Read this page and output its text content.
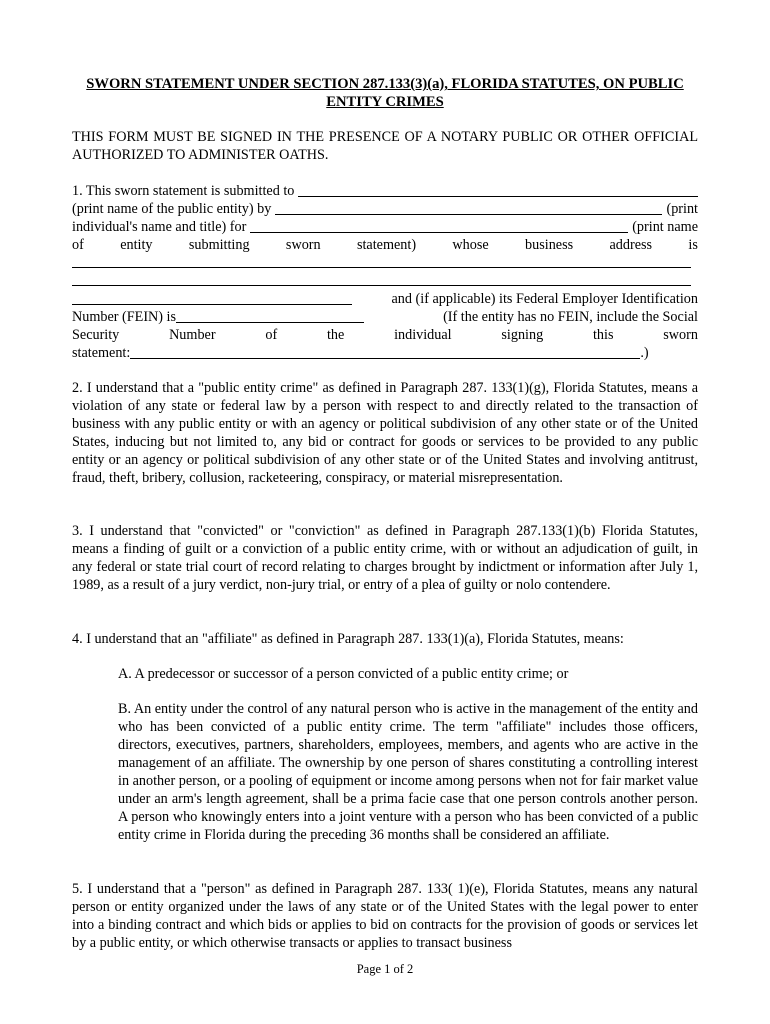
SWORN STATEMENT UNDER SECTION 287.133(3)(a), FLORIDA STATUTES, ON PUBLIC
ENTITY CRIMES
THIS FORM MUST BE SIGNED IN THE PRESENCE OF A NOTARY PUBLIC OR OTHER OFFICIAL AUTHORIZED TO ADMINISTER OATHS.
1. This sworn statement is submitted to
(print name of the public entity) by	(print
individual's name and title) for	(print name
of	entity	submitting	sworn	statement)	whose	business	address	is
and (if applicable) its Federal Employer Identification
Number (FEIN) is	(If the entity has no FEIN, include the Social
Security	Number	of	the	individual	signing	this	sworn
statement:	.)
2. I understand that a "public entity crime" as defined in Paragraph 287. 133(1)(g), Florida Statutes, means a violation of any state or federal law by a person with respect to and directly related to the transaction of business with any public entity or with an agency or political subdivision of any other state or of the United States, inducing but not limited to, any bid or contract for goods or services to be provided to any public entity or an agency or political subdivision of any other state or of the United States and involving antitrust, fraud, theft, bribery, collusion, racketeering, conspiracy, or material misrepresentation.
3. I understand that "convicted" or "conviction" as defined in Paragraph 287.133(1)(b) Florida Statutes, means a finding of guilt or a conviction of a public entity crime, with or without an adjudication of guilt, in any federal or state trial court of record relating to charges brought by indictment or information after July 1, 1989, as a result of a jury verdict, non-jury trial, or entry of a plea of guilty or nolo contendere.
4. I understand that an "affiliate" as defined in Paragraph 287. 133(1)(a), Florida Statutes, means:
A. A predecessor or successor of a person convicted of a public entity crime; or
B. An entity under the control of any natural person who is active in the management of the entity and who has been convicted of a public entity crime. The term "affiliate" includes those officers, directors, executives, partners, shareholders, employees, members, and agents who are active in the management of an affiliate. The ownership by one person of shares constituting a controlling interest in another person, or a pooling of equipment or income among persons when not for fair market value under an arm's length agreement, shall be a prima facie case that one person controls another person. A person who knowingly enters into a joint venture with a person who has been convicted of a public entity crime in Florida during the preceding 36 months shall be considered an affiliate.
5. I understand that a "person" as defined in Paragraph 287. 133( 1)(e), Florida Statutes, means any natural person or entity organized under the laws of any state or of the United States with the legal power to enter into a binding contract and which bids or applies to bid on contracts for the provision of goods or services let by a public entity, or which otherwise transacts or applies to transact business
Page 1 of 2
